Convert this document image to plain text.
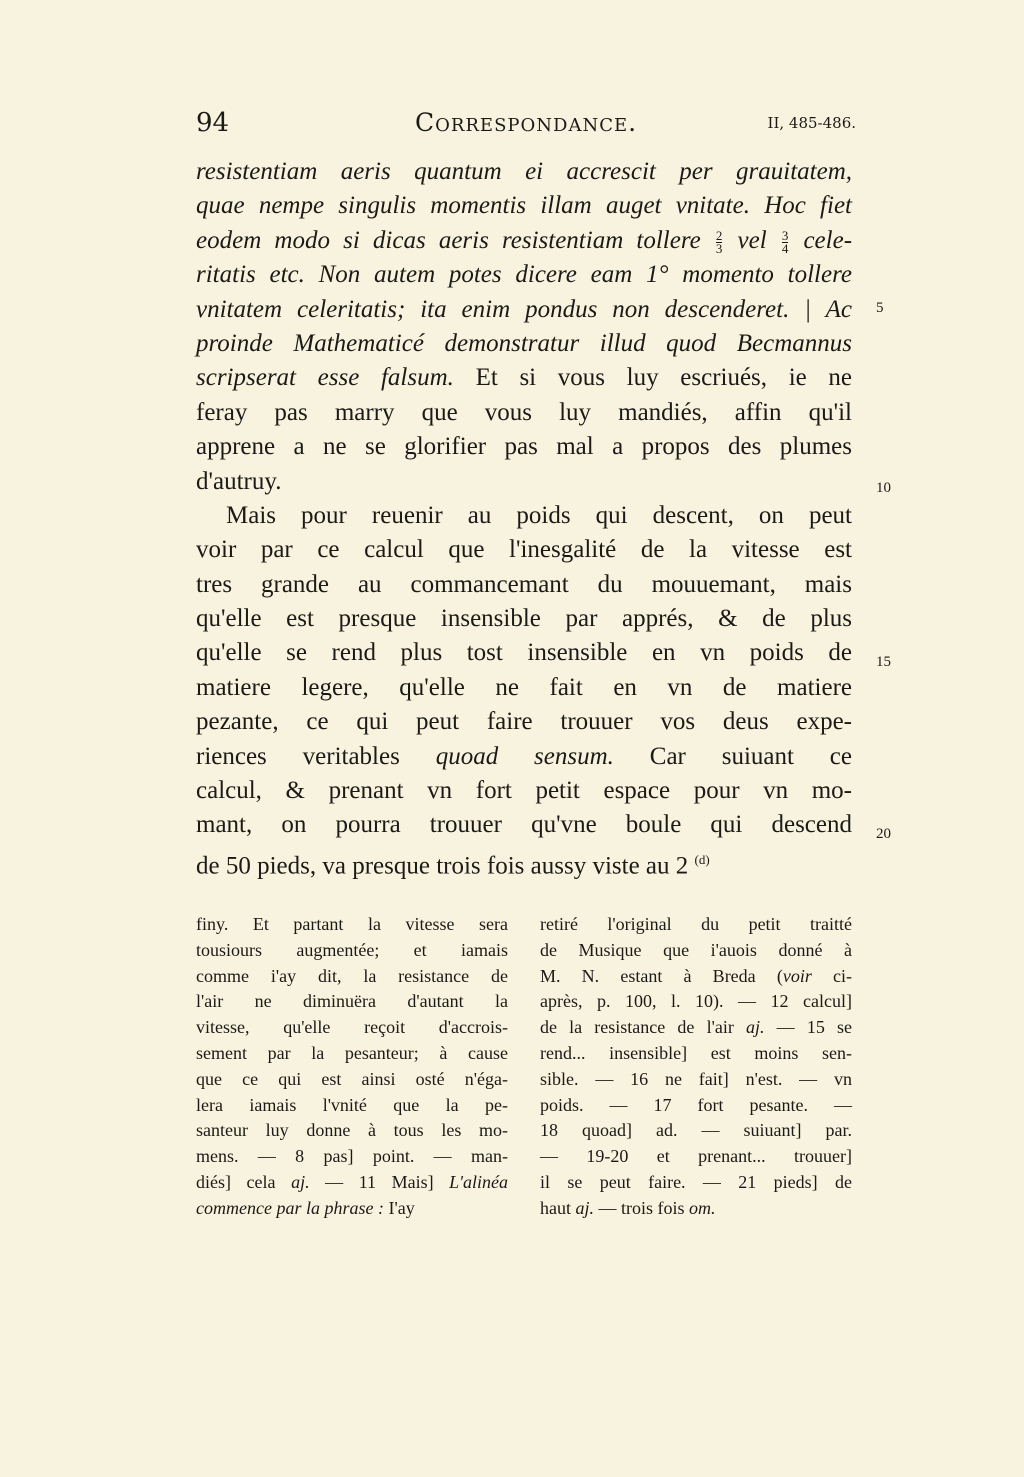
94	Correspondance.	II, 485-486.
resistentiam aeris quantum ei accrescit per grauitatem,
quae nempe singulis momentis illam auget vnitate. Hoc fiet
eodem modo si dicas aeris resistentiam tollere $\frac{2}{3}$ vel $\frac{3}{4}$ cele-
ritatis etc. Non autem potes dicere eam 1° momento tollere
vnitatem celeritatis; ita enim pondus non descenderet. | Ac
proinde Mathematicé demonstratur illud quod Becmannus
scripserat esse falsum. Et si vous luy escriués, ie ne
feray pas marry que vous luy mandiés, affin qu'il
apprene a ne se glorifier pas mal a propos des plumes
d'autruy.
Mais pour reuenir au poids qui descent, on peut
voir par ce calcul que l'inesgalité de la vitesse est
tres grande au commancemant du mouuemant, mais
qu'elle est presque insensible par apprés, & de plus
qu'elle se rend plus tost insensible en vn poids de
matiere legere, qu'elle ne fait en vn de matiere
pezante, ce qui peut faire trouuer vos deus expe-
riences veritables quoad sensum. Car suiuant ce
calcul, & prenant vn fort petit espace pour vn mo-
mant, on pourra trouuer qu'vne boule qui descend
de 50 pieds, va presque trois fois aussy viste au 2 $^{(d)}$
5
10
15
20
finy. Et partant la vitesse sera
tousiours augmentée; et iamais
comme i'ay dit, la resistance de
l'air ne diminuëra d'autant la
vitesse, qu'elle reçoit d'accrois-
sement par la pesanteur; à cause
que ce qui est ainsi osté n'éga-
lera iamais l'vnité que la pe-
santeur luy donne à tous les mo-
mens. — 8 pas] point. — man-
diés] cela aj. — 11 Mais] L'alinéa
commence par la phrase : I'ay
retiré l'original du petit traitté
de Musique que i'auois donné à
M. N. estant à Breda (voir ci-
après, p. 100, l. 10). — 12 calcul]
de la resistance de l'air aj. — 15 se
rend... insensible] est moins sen-
sible. — 16 ne fait] n'est. — vn
poids. — 17 fort pesante. —
18 quoad] ad. — suiuant] par.
— 19-20 et prenant... trouuer]
il se peut faire. — 21 pieds] de
haut aj. — trois fois om.
